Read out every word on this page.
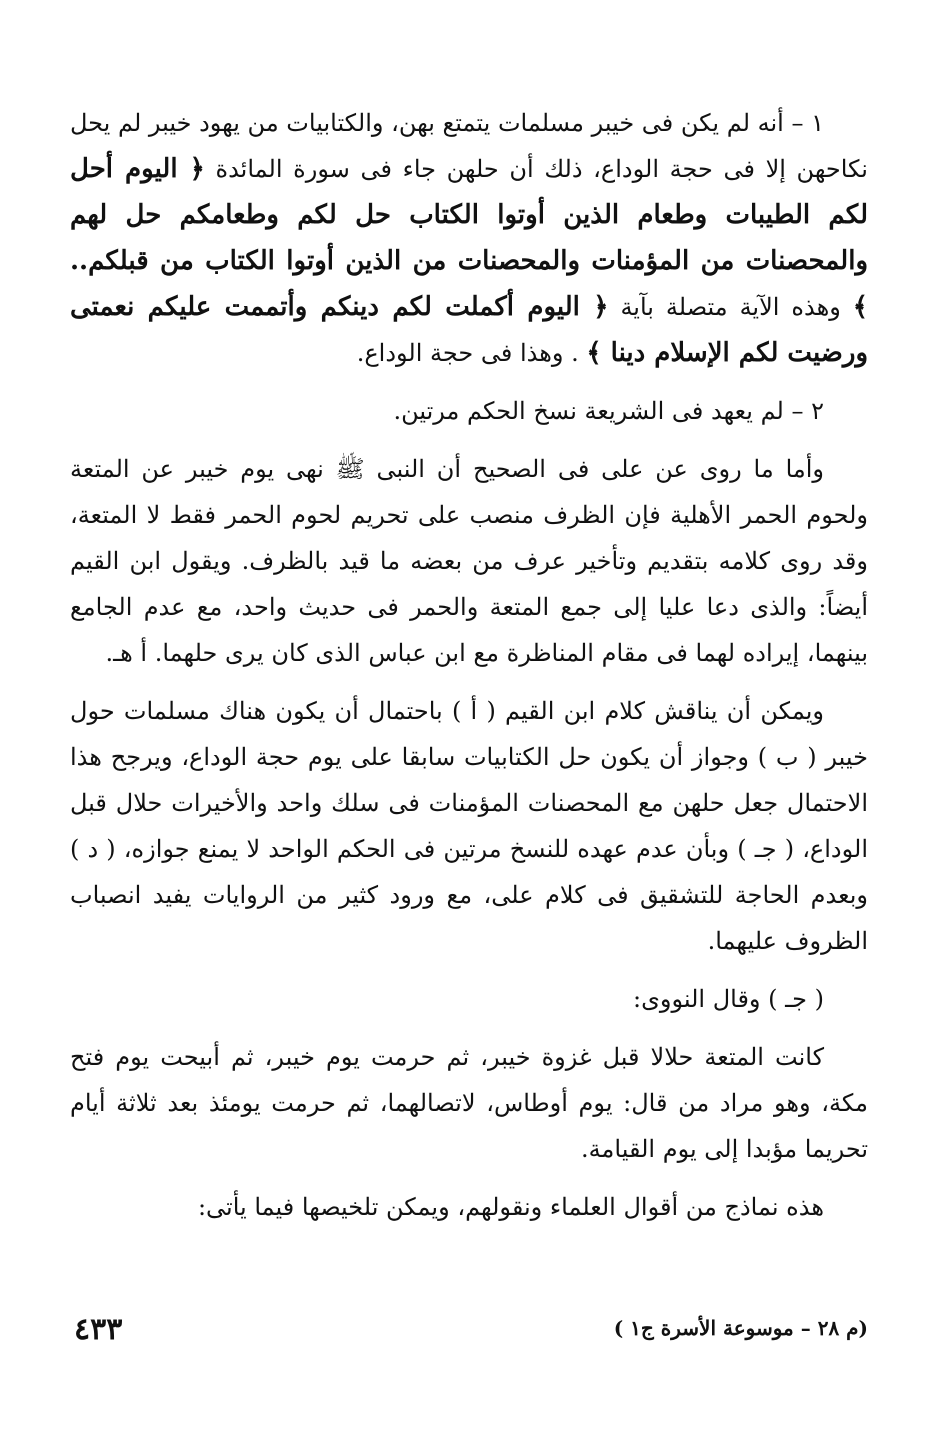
١ – أنه لم يكن فى خيبر مسلمات يتمتع بهن، والكتابيات من يهود خيبر لم يحل نكاحهن إلا فى حجة الوداع، ذلك أن حلهن جاء فى سورة المائدة ﴿ اليوم أحل لكم الطيبات وطعام الذين أوتوا الكتاب حل لكم وطعامكم حل لهم والمحصنات من المؤمنات والمحصنات من الذين أوتوا الكتاب من قبلكم.. ﴾ وهذه الآية متصلة بآية ﴿ اليوم أكملت لكم دينكم وأتممت عليكم نعمتى ورضيت لكم الإسلام دينا ﴾ . وهذا فى حجة الوداع.

٢ – لم يعهد فى الشريعة نسخ الحكم مرتين.

وأما ما روى عن على فى الصحيح أن النبى ﷺ نهى يوم خيبر عن المتعة ولحوم الحمر الأهلية فإن الظرف منصب على تحريم لحوم الحمر فقط لا المتعة، وقد روى كلامه بتقديم وتأخير عرف من بعضه ما قيد بالظرف. ويقول ابن القيم أيضاً: والذى دعا عليا إلى جمع المتعة والحمر فى حديث واحد، مع عدم الجامع بينهما، إيراده لهما فى مقام المناظرة مع ابن عباس الذى كان يرى حلهما. أ هـ.

ويمكن أن يناقش كلام ابن القيم ( أ ) باحتمال أن يكون هناك مسلمات حول خيبر ( ب ) وجواز أن يكون حل الكتابيات سابقا على يوم حجة الوداع، ويرجح هذا الاحتمال جعل حلهن مع المحصنات المؤمنات فى سلك واحد والأخيرات حلال قبل الوداع، ( جـ ) وبأن عدم عهده للنسخ مرتين فى الحكم الواحد لا يمنع جوازه، ( د ) وبعدم الحاجة للتشقيق فى كلام على، مع ورود كثير من الروايات يفيد انصباب الظروف عليهما.

( جـ ) وقال النووى:

كانت المتعة حلالا قبل غزوة خيبر، ثم حرمت يوم خيبر، ثم أبيحت يوم فتح مكة، وهو مراد من قال: يوم أوطاس، لاتصالهما، ثم حرمت يومئذ بعد ثلاثة أيام تحريما مؤبدا إلى يوم القيامة.

هذه نماذج من أقوال العلماء ونقولهم، ويمكن تلخيصها فيما يأتى:

٤٣٣	(م ٢٨ – موسوعة الأسرة ج١ )
